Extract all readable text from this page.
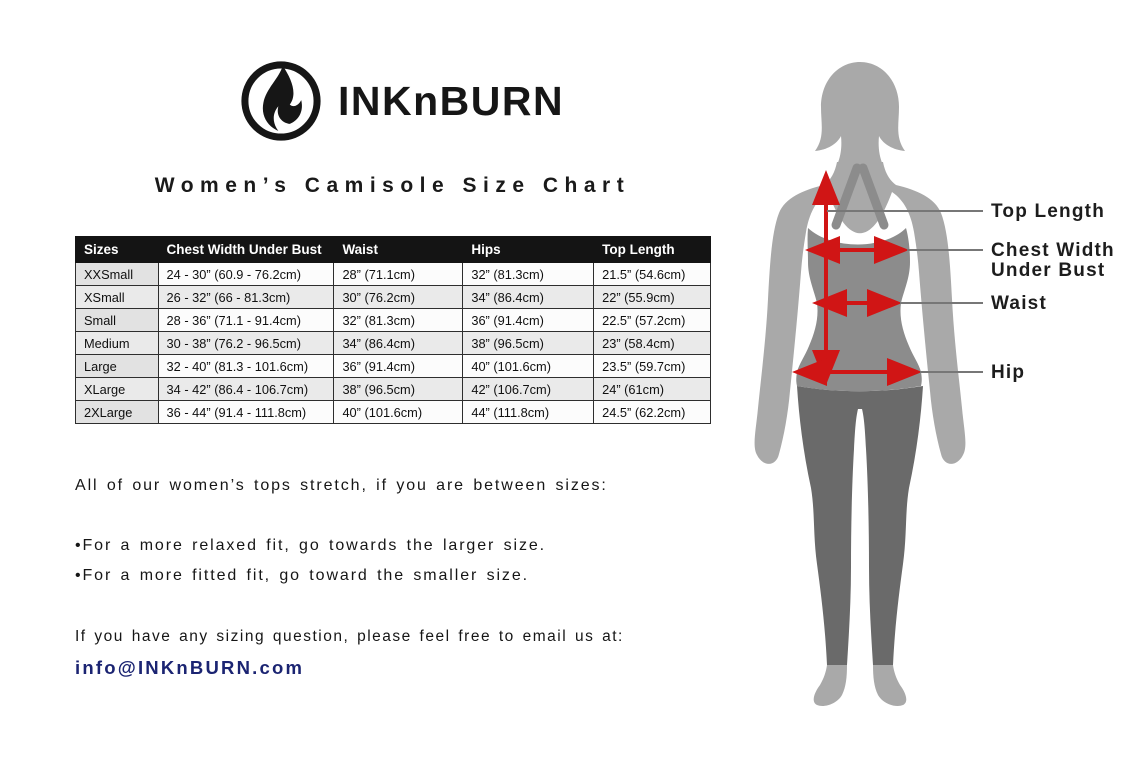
INKnBURN
Women’s Camisole Size Chart
Sizes	Chest Width Under Bust	Waist	Hips	Top Length
XXSmall	24 - 30” (60.9 - 76.2cm)	28” (71.1cm)	32” (81.3cm)	21.5” (54.6cm)
XSmall	26 - 32” (66 - 81.3cm)	30” (76.2cm)	34” (86.4cm)	22” (55.9cm)
Small	28 - 36” (71.1 - 91.4cm)	32” (81.3cm)	36” (91.4cm)	22.5” (57.2cm)
Medium	30 - 38” (76.2 - 96.5cm)	34” (86.4cm)	38” (96.5cm)	23” (58.4cm)
Large	32 - 40” (81.3 - 101.6cm)	36” (91.4cm)	40” (101.6cm)	23.5” (59.7cm)
XLarge	34 - 42” (86.4 - 106.7cm)	38” (96.5cm)	42” (106.7cm)	24” (61cm)
2XLarge	36 - 44” (91.4 - 111.8cm)	40” (101.6cm)	44” (111.8cm)	24.5” (62.2cm)

All of our women’s tops stretch, if you are between sizes:

•For a more relaxed fit, go towards the larger size.

•For a more fitted fit, go toward the smaller size.

If you have any sizing question, please feel free to email us at:

info@INKnBURN.com
Top Length
Chest Width
Under Bust
Waist
Hip
